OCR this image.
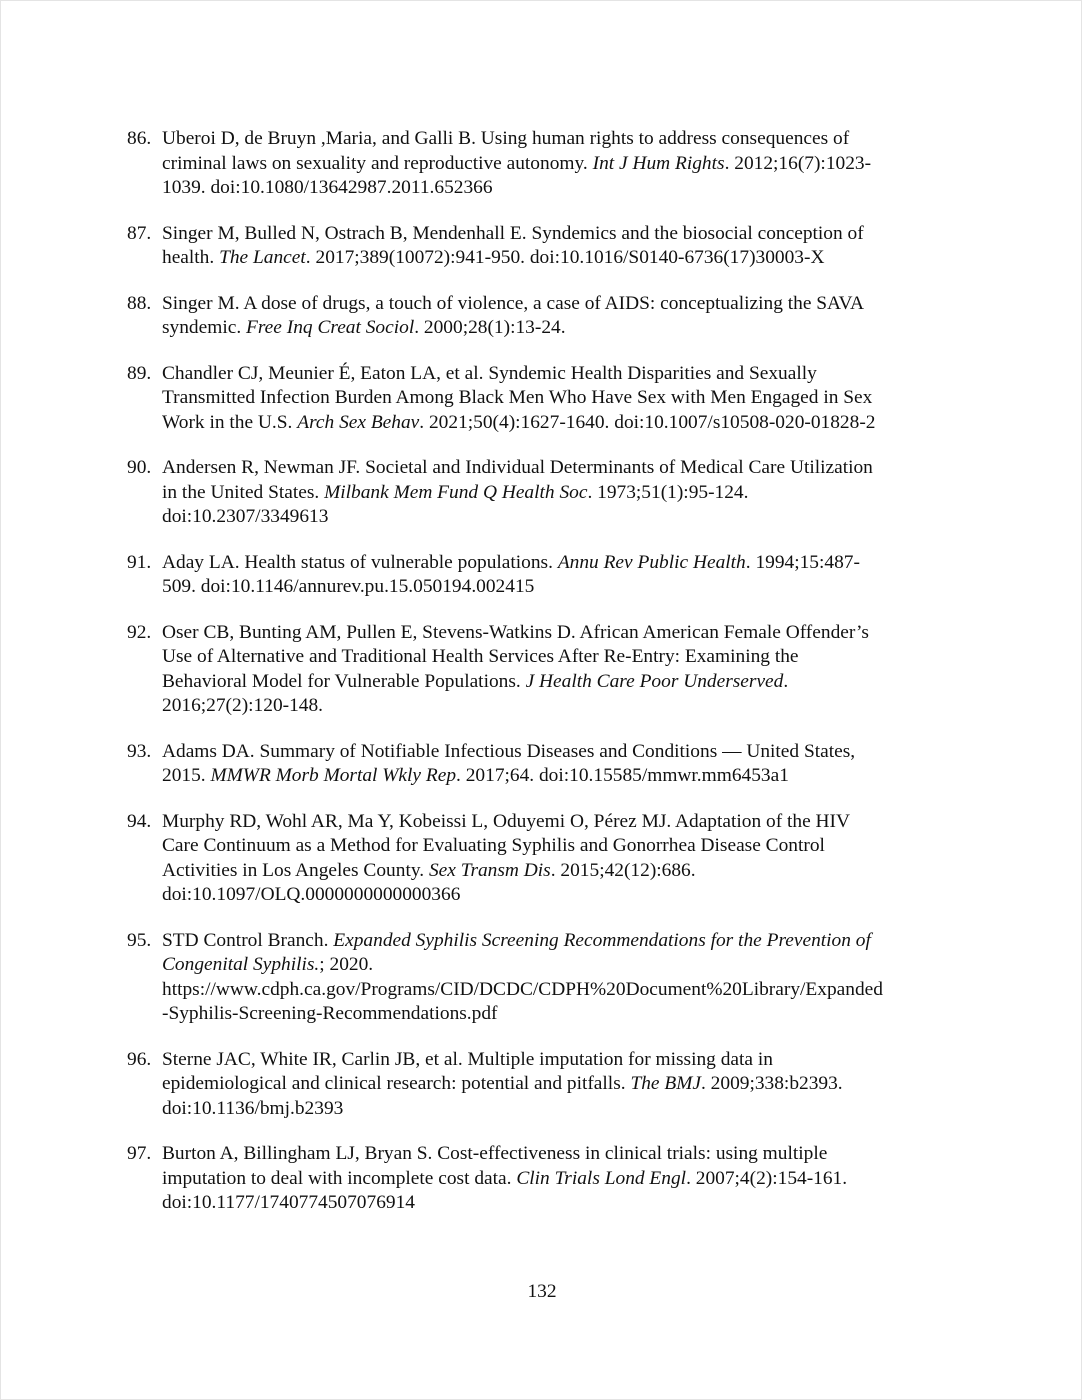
86. Uberoi D, de Bruyn ,Maria, and Galli B. Using human rights to address consequences of
criminal laws on sexuality and reproductive autonomy. Int J Hum Rights. 2012;16(7):1023-
1039. doi:10.1080/13642987.2011.652366
87. Singer M, Bulled N, Ostrach B, Mendenhall E. Syndemics and the biosocial conception of
health. The Lancet. 2017;389(10072):941-950. doi:10.1016/S0140-6736(17)30003-X
88. Singer M. A dose of drugs, a touch of violence, a case of AIDS: conceptualizing the SAVA
syndemic. Free Inq Creat Sociol. 2000;28(1):13-24.
89. Chandler CJ, Meunier É, Eaton LA, et al. Syndemic Health Disparities and Sexually
Transmitted Infection Burden Among Black Men Who Have Sex with Men Engaged in Sex
Work in the U.S. Arch Sex Behav. 2021;50(4):1627-1640. doi:10.1007/s10508-020-01828-2
90. Andersen R, Newman JF. Societal and Individual Determinants of Medical Care Utilization
in the United States. Milbank Mem Fund Q Health Soc. 1973;51(1):95-124.
doi:10.2307/3349613
91. Aday LA. Health status of vulnerable populations. Annu Rev Public Health. 1994;15:487-
509. doi:10.1146/annurev.pu.15.050194.002415
92. Oser CB, Bunting AM, Pullen E, Stevens-Watkins D. African American Female Offender’s
Use of Alternative and Traditional Health Services After Re-Entry: Examining the
Behavioral Model for Vulnerable Populations. J Health Care Poor Underserved.
2016;27(2):120-148.
93. Adams DA. Summary of Notifiable Infectious Diseases and Conditions — United States,
2015. MMWR Morb Mortal Wkly Rep. 2017;64. doi:10.15585/mmwr.mm6453a1
94. Murphy RD, Wohl AR, Ma Y, Kobeissi L, Oduyemi O, Pérez MJ. Adaptation of the HIV
Care Continuum as a Method for Evaluating Syphilis and Gonorrhea Disease Control
Activities in Los Angeles County. Sex Transm Dis. 2015;42(12):686.
doi:10.1097/OLQ.0000000000000366
95. STD Control Branch. Expanded Syphilis Screening Recommendations for the Prevention of
Congenital Syphilis.; 2020.
https://www.cdph.ca.gov/Programs/CID/DCDC/CDPH%20Document%20Library/Expanded
-Syphilis-Screening-Recommendations.pdf
96. Sterne JAC, White IR, Carlin JB, et al. Multiple imputation for missing data in
epidemiological and clinical research: potential and pitfalls. The BMJ. 2009;338:b2393.
doi:10.1136/bmj.b2393
97. Burton A, Billingham LJ, Bryan S. Cost-effectiveness in clinical trials: using multiple
imputation to deal with incomplete cost data. Clin Trials Lond Engl. 2007;4(2):154-161.
doi:10.1177/1740774507076914
132
